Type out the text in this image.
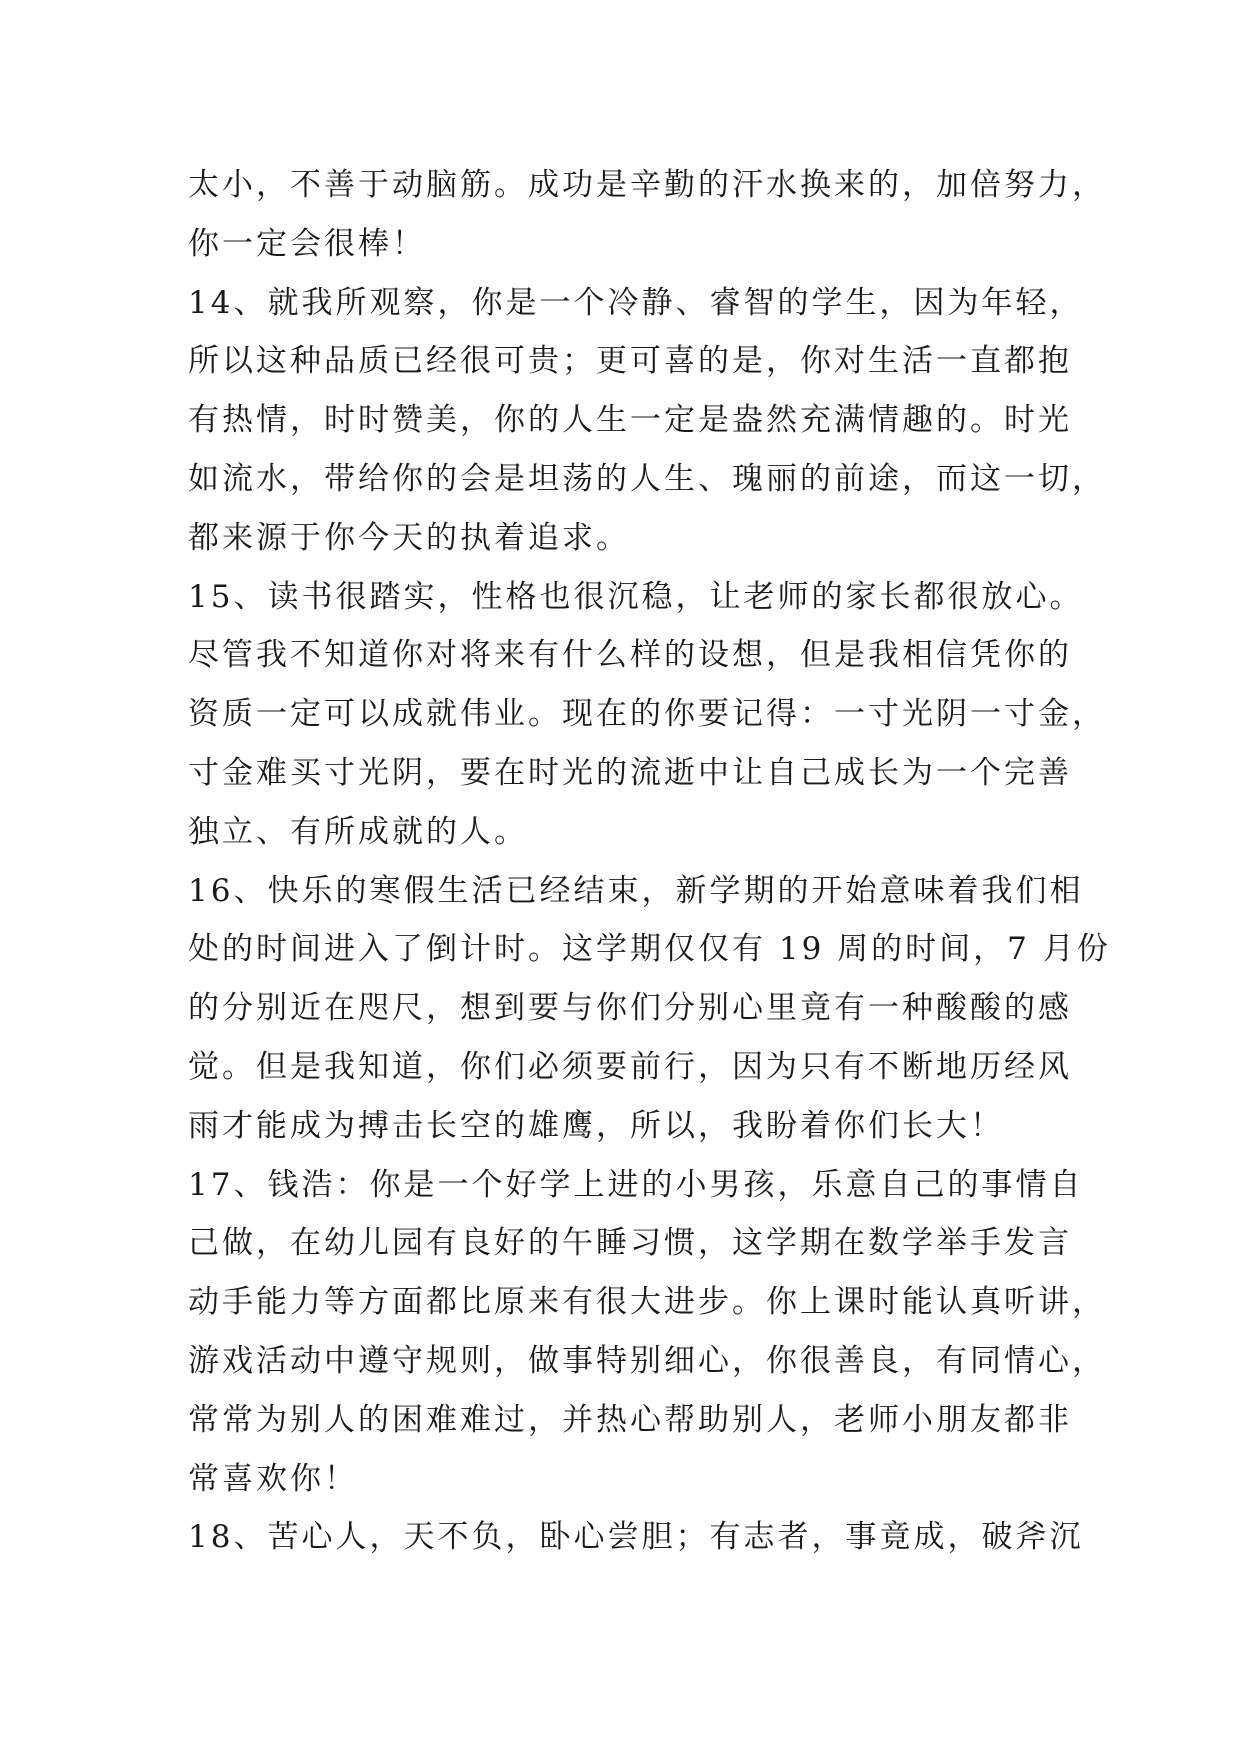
太小，不善于动脑筋。成功是辛勤的汗水换来的，加倍努力，
你一定会很棒！
14、就我所观察，你是一个冷静、睿智的学生，因为年轻，
所以这种品质已经很可贵；更可喜的是，你对生活一直都抱
有热情，时时赞美，你的人生一定是盎然充满情趣的。时光
如流水，带给你的会是坦荡的人生、瑰丽的前途，而这一切，
都来源于你今天的执着追求。
15、读书很踏实，性格也很沉稳，让老师的家长都很放心。
尽管我不知道你对将来有什么样的设想，但是我相信凭你的
资质一定可以成就伟业。现在的你要记得：一寸光阴一寸金，
寸金难买寸光阴，要在时光的流逝中让自己成长为一个完善
独立、有所成就的人。
16、快乐的寒假生活已经结束，新学期的开始意味着我们相
处的时间进入了倒计时。这学期仅仅有 19 周的时间，7 月份
的分别近在咫尺，想到要与你们分别心里竟有一种酸酸的感
觉。但是我知道，你们必须要前行，因为只有不断地历经风
雨才能成为搏击长空的雄鹰，所以，我盼着你们长大！
17、钱浩：你是一个好学上进的小男孩，乐意自己的事情自
己做，在幼儿园有良好的午睡习惯，这学期在数学举手发言
动手能力等方面都比原来有很大进步。你上课时能认真听讲，
游戏活动中遵守规则，做事特别细心，你很善良，有同情心，
常常为别人的困难难过，并热心帮助别人，老师小朋友都非
常喜欢你！
18、苦心人，天不负，卧心尝胆；有志者，事竟成，破斧沉
